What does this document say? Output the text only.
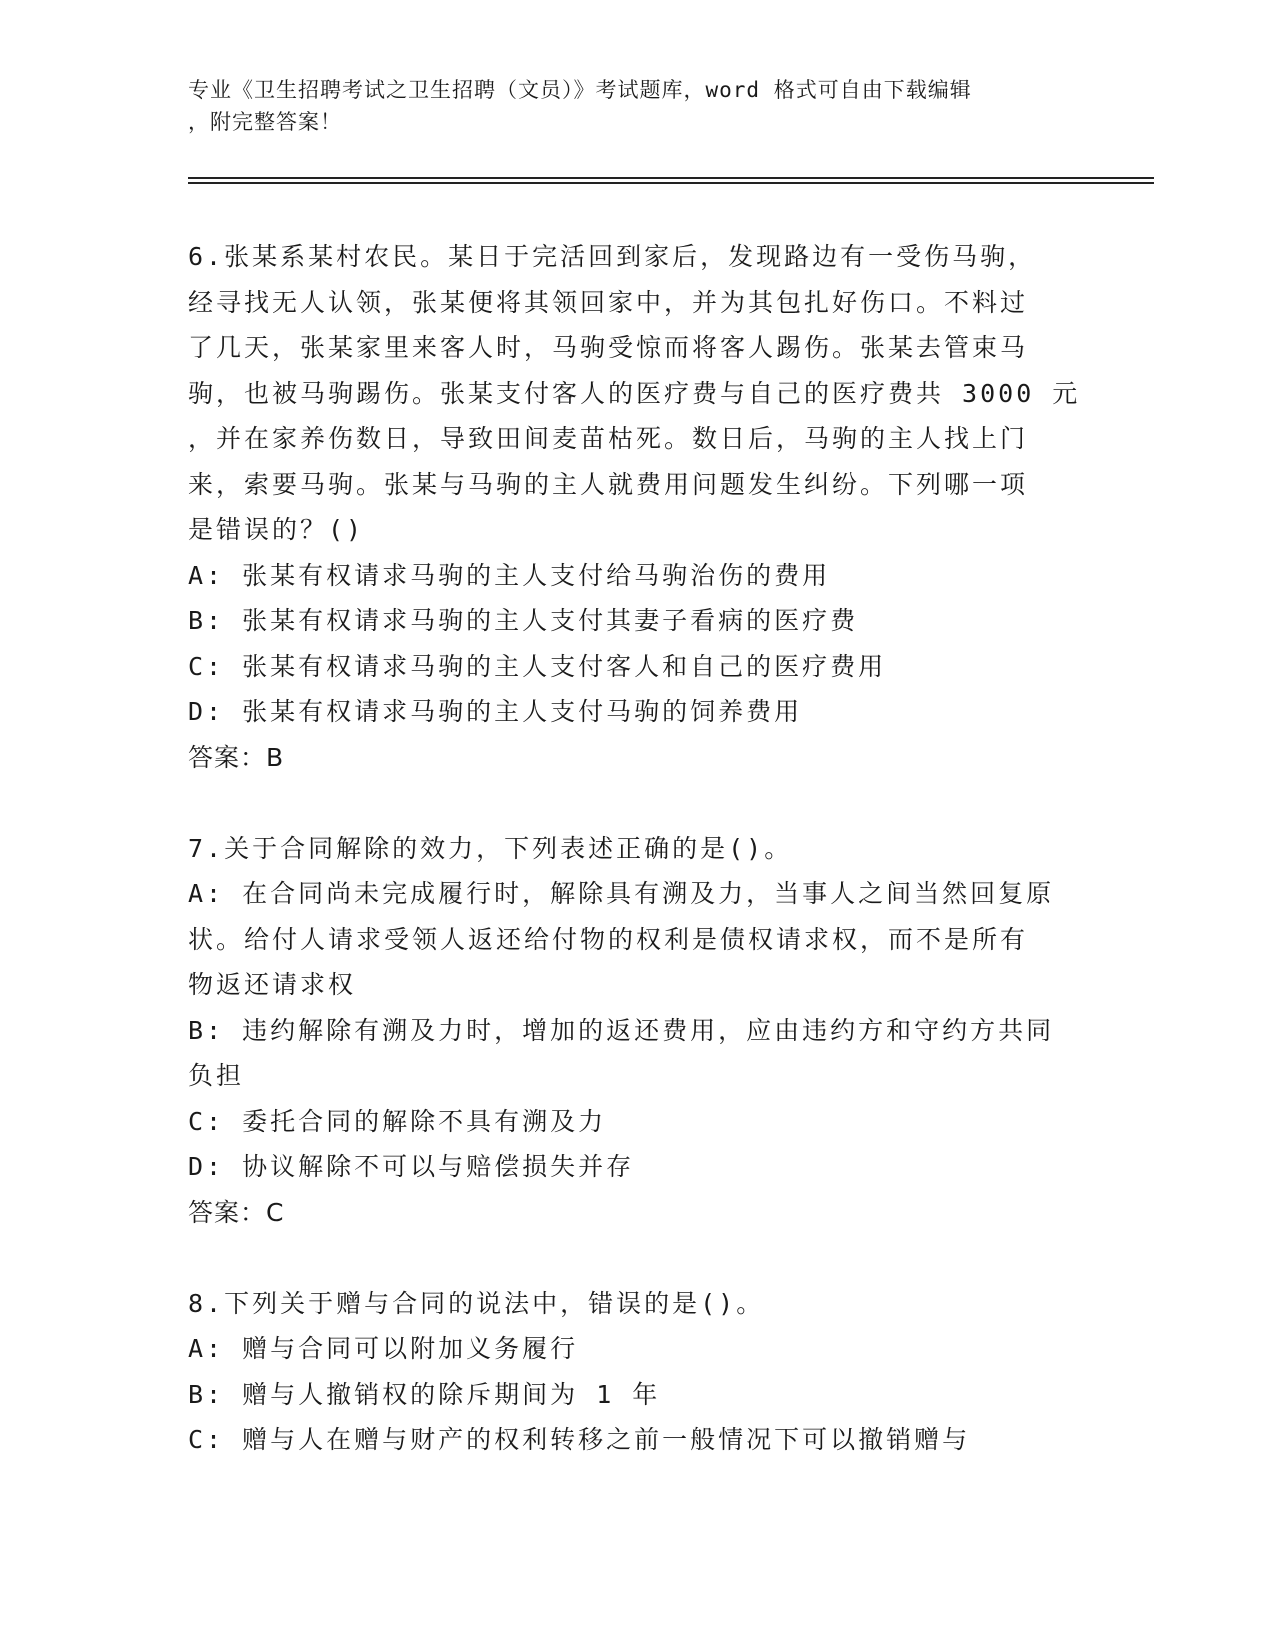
专业《卫生招聘考试之卫生招聘（文员）》考试题库，word 格式可自由下载编辑
，附完整答案！
6.张某系某村农民。某日于完活回到家后，发现路边有一受伤马驹，
经寻找无人认领，张某便将其领回家中，并为其包扎好伤口。不料过
了几天，张某家里来客人时，马驹受惊而将客人踢伤。张某去管束马
驹，也被马驹踢伤。张某支付客人的医疗费与自己的医疗费共 3000 元
，并在家养伤数日，导致田间麦苗枯死。数日后，马驹的主人找上门
来，索要马驹。张某与马驹的主人就费用问题发生纠纷。下列哪一项
是错误的？()
A: 张某有权请求马驹的主人支付给马驹治伤的费用
B: 张某有权请求马驹的主人支付其妻子看病的医疗费
C: 张某有权请求马驹的主人支付客人和自己的医疗费用
D: 张某有权请求马驹的主人支付马驹的饲养费用
答案：B
7.关于合同解除的效力，下列表述正确的是()。
A: 在合同尚未完成履行时，解除具有溯及力，当事人之间当然回复原
状。给付人请求受领人返还给付物的权利是债权请求权，而不是所有
物返还请求权
B: 违约解除有溯及力时，增加的返还费用，应由违约方和守约方共同
负担
C: 委托合同的解除不具有溯及力
D: 协议解除不可以与赔偿损失并存
答案：C
8.下列关于赠与合同的说法中，错误的是()。
A: 赠与合同可以附加义务履行
B: 赠与人撤销权的除斥期间为 1 年
C: 赠与人在赠与财产的权利转移之前一般情况下可以撤销赠与
